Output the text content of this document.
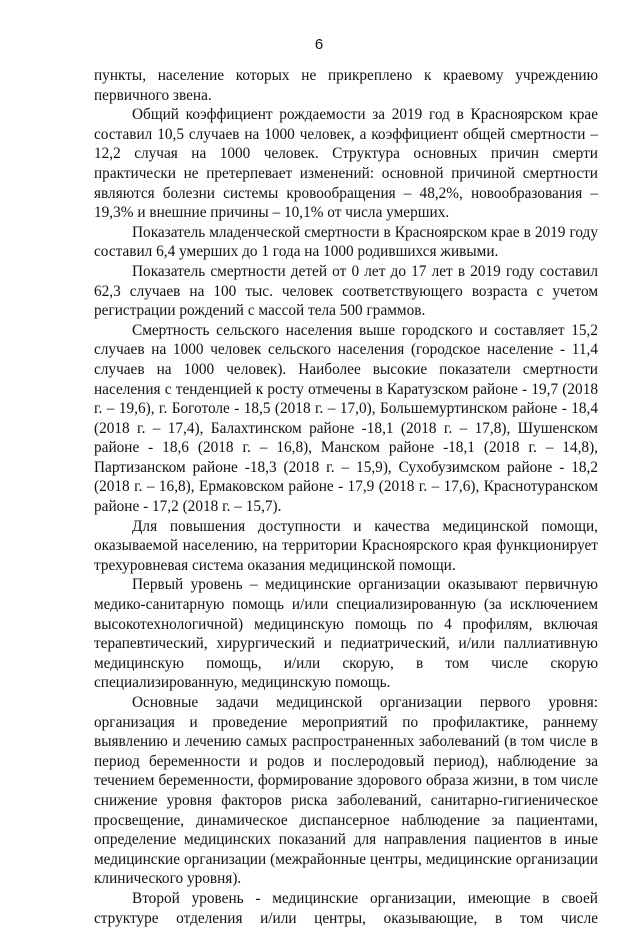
6

пункты, население которых не прикреплено к краевому учреждению первичного звена.

Общий коэффициент рождаемости за 2019 год в Красноярском крае составил 10,5 случаев на 1000 человек, а коэффициент общей смертности – 12,2 случая на 1000 человек. Структура основных причин смерти практически не претерпевает изменений: основной причиной смертности являются болезни системы кровообращения – 48,2%, новообразования – 19,3% и внешние причины – 10,1% от числа умерших.

Показатель младенческой смертности в Красноярском крае в 2019 году составил 6,4 умерших до 1 года на 1000 родившихся живыми.

Показатель смертности детей от 0 лет до 17 лет в 2019 году составил 62,3 случаев на 100 тыс. человек соответствующего возраста с учетом регистрации рождений с массой тела 500 граммов.

Смертность сельского населения выше городского и составляет 15,2 случаев на 1000 человек сельского населения (городское население - 11,4 случаев на 1000 человек). Наиболее высокие показатели смертности населения с тенденцией к росту отмечены в Каратузском районе - 19,7 (2018 г. – 19,6), г. Боготоле - 18,5 (2018 г. – 17,0), Большемуртинском районе - 18,4 (2018 г. – 17,4), Балахтинском районе -18,1 (2018 г. – 17,8), Шушенском районе - 18,6 (2018 г. – 16,8), Манском районе -18,1 (2018 г. – 14,8), Партизанском районе -18,3 (2018 г. – 15,9), Сухобузимском районе - 18,2 (2018 г. – 16,8), Ермаковском районе - 17,9 (2018 г. – 17,6), Краснотуранском районе - 17,2 (2018 г. – 15,7).

Для повышения доступности и качества медицинской помощи, оказываемой населению, на территории Красноярского края функционирует трехуровневая система оказания медицинской помощи.

Первый уровень – медицинские организации оказывают первичную медико-санитарную помощь и/или специализированную (за исключением высокотехнологичной) медицинскую помощь по 4 профилям, включая терапевтический, хирургический и педиатрический, и/или паллиативную медицинскую помощь, и/или скорую, в том числе скорую специализированную, медицинскую помощь.

Основные задачи медицинской организации первого уровня: организация и проведение мероприятий по профилактике, раннему выявлению и лечению самых распространенных заболеваний (в том числе в период беременности и родов и послеродовый период), наблюдение за течением беременности, формирование здорового образа жизни, в том числе снижение уровня факторов риска заболеваний, санитарно-гигиеническое просвещение, динамическое диспансерное наблюдение за пациентами, определение медицинских показаний для направления пациентов в иные медицинские организации (межрайонные центры, медицинские организации клинического уровня).

Второй уровень - медицинские организации, имеющие в своей структуре отделения и/или центры, оказывающие, в том числе
